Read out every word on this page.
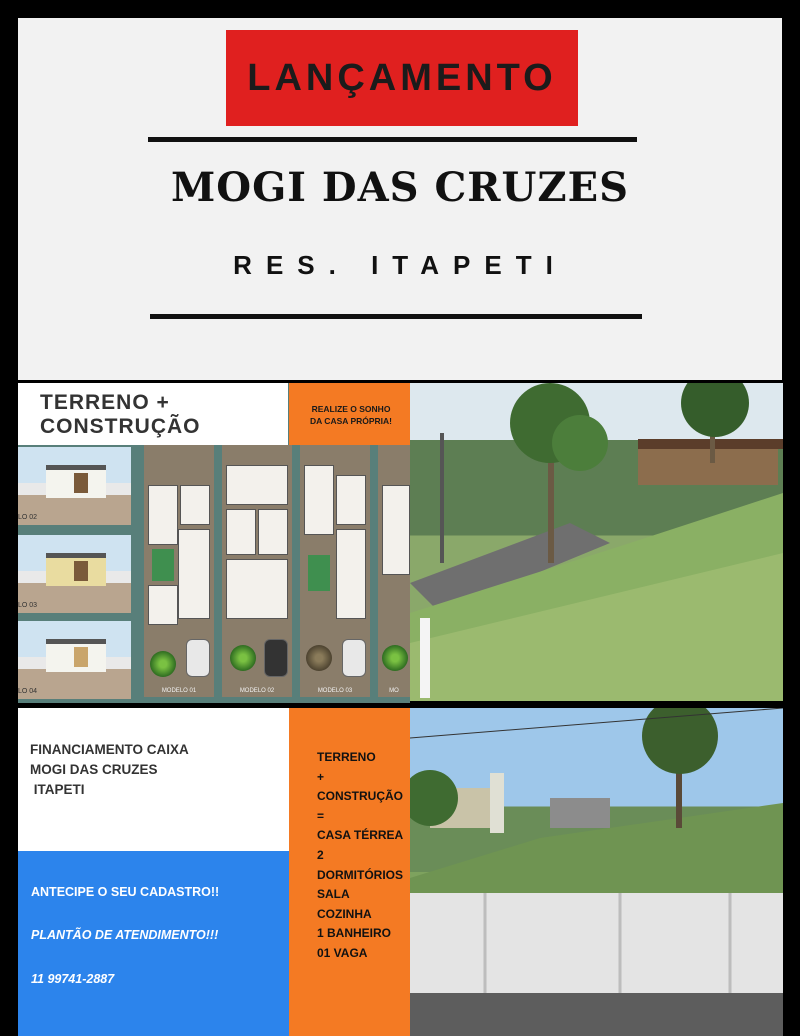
LANÇAMENTO
MOGI DAS CRUZES
RES. ITAPETI
TERRENO +
CONSTRUÇÃO
REALIZE O SONHO
DA CASA PRÓPRIA!
LO 02
LO 03
LO 04	MODELO 01	MODELO 02	MODELO 03	MO
FINANCIAMENTO CAIXA
MOGI DAS CRUZES
ITAPETI
ANTECIPE O SEU CADASTRO!!
PLANTÃO DE ATENDIMENTO!!!
11 99741-2887
TERRENO
+
CONSTRUÇÃO
=
CASA TÉRREA
2
DORMITÓRIOS
SALA
COZINHA
1 BANHEIRO
01 VAGA
